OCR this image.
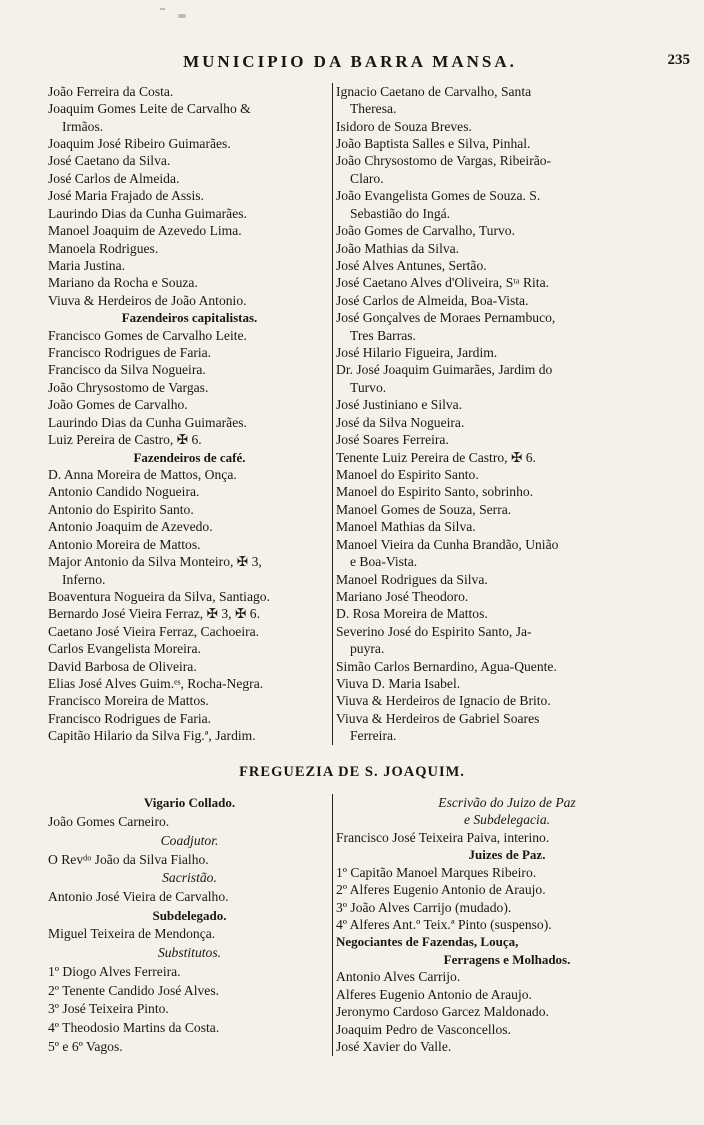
MUNICIPIO DA BARRA MANSA.	235
João Ferreira da Costa.
Joaquim Gomes Leite de Carvalho &
Irmãos.
Joaquim José Ribeiro Guimarães.
José Caetano da Silva.
José Carlos de Almeida.
José Maria Frajado de Assis.
Laurindo Dias da Cunha Guimarães.
Manoel Joaquim de Azevedo Lima.
Manoela Rodrigues.
Maria Justina.
Mariano da Rocha e Souza.
Viuva & Herdeiros de João Antonio.
Fazendeiros capitalistas.
Francisco Gomes de Carvalho Leite.
Francisco Rodrigues de Faria.
Francisco da Silva Nogueira.
João Chrysostomo de Vargas.
João Gomes de Carvalho.
Laurindo Dias da Cunha Guimarães.
Luiz Pereira de Castro, ✠ 6.
Fazendeiros de café.
D. Anna Moreira de Mattos, Onça.
Antonio Candido Nogueira.
Antonio do Espirito Santo.
Antonio Joaquim de Azevedo.
Antonio Moreira de Mattos.
Major Antonio da Silva Monteiro, ✠ 3,
Inferno.
Boaventura Nogueira da Silva, Santiago.
Bernardo José Vieira Ferraz, ✠ 3, ✠ 6.
Caetano José Vieira Ferraz, Cachoeira.
Carlos Evangelista Moreira.
David Barbosa de Oliveira.
Elias José Alves Guim.ᵉˢ, Rocha-Negra.
Francisco Moreira de Mattos.
Francisco Rodrigues de Faria.
Capitão Hilario da Silva Fig.ª, Jardim.
Ignacio Caetano de Carvalho, Santa
Theresa.
Isidoro de Souza Breves.
João Baptista Salles e Silva, Pinhal.
João Chrysostomo de Vargas, Ribeirão-
Claro.
João Evangelista Gomes de Souza. S.
Sebastião do Ingá.
João Gomes de Carvalho, Turvo.
João Mathias da Silva.
José Alves Antunes, Sertão.
José Caetano Alves d'Oliveira, Sᵗᵃ Rita.
José Carlos de Almeida, Boa-Vista.
José Gonçalves de Moraes Pernambuco,
Tres Barras.
José Hilario Figueira, Jardim.
Dr. José Joaquim Guimarães, Jardim do
Turvo.
José Justiniano e Silva.
José da Silva Nogueira.
José Soares Ferreira.
Tenente Luiz Pereira de Castro, ✠ 6.
Manoel do Espirito Santo.
Manoel do Espirito Santo, sobrinho.
Manoel Gomes de Souza, Serra.
Manoel Mathias da Silva.
Manoel Vieira da Cunha Brandão, União
e Boa-Vista.
Manoel Rodrigues da Silva.
Mariano José Theodoro.
D. Rosa Moreira de Mattos.
Severino José do Espirito Santo, Ja-
puyra.
Simão Carlos Bernardino, Agua-Quente.
Viuva D. Maria Isabel.
Viuva & Herdeiros de Ignacio de Brito.
Viuva & Herdeiros de Gabriel Soares
Ferreira.
FREGUEZIA DE S. JOAQUIM.
Vigario Collado.
João Gomes Carneiro.
Coadjutor.
O Revᵈᵒ João da Silva Fialho.
Sacristão.
Antonio José Vieira de Carvalho.
Subdelegado.
Miguel Teixeira de Mendonça.
Substitutos.
1º Diogo Alves Ferreira.
2º Tenente Candido José Alves.
3º José Teixeira Pinto.
4º Theodosio Martins da Costa.
5º e 6º Vagos.
Escrivão do Juizo de Paz
e Subdelegacia.
Francisco José Teixeira Paiva, interino.
Juizes de Paz.
1º Capitão Manoel Marques Ribeiro.
2º Alferes Eugenio Antonio de Araujo.
3º João Alves Carrijo (mudado).
4º Alferes Ant.º Teix.ª Pinto (suspenso).
Negociantes de Fazendas, Louça,
Ferragens e Molhados.
Antonio Alves Carrijo.
Alferes Eugenio Antonio de Araujo.
Jeronymo Cardoso Garcez Maldonado.
Joaquim Pedro de Vasconcellos.
José Xavier do Valle.
